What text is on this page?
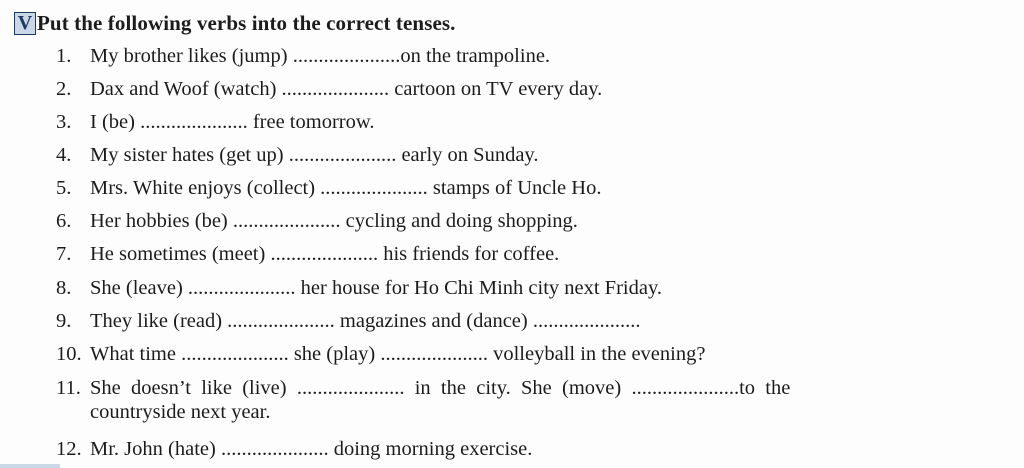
V Put the following verbs into the correct tenses.
1. My brother likes (jump) .....................on the trampoline.
2. Dax and Woof (watch) ..................... cartoon on TV every day.
3. I (be) ..................... free tomorrow.
4. My sister hates (get up) ..................... early on Sunday.
5. Mrs. White enjoys (collect) ..................... stamps of Uncle Ho.
6. Her hobbies (be) ..................... cycling and doing shopping.
7. He sometimes (meet) ..................... his friends for coffee.
8. She (leave) ..................... her house for Ho Chi Minh city next Friday.
9. They like (read) ..................... magazines and (dance) .....................
10. What time ..................... she (play) ..................... volleyball in the evening?
11. She  doesn’t  like  (live)  .....................  in  the  city.  She  (move)  .....................to  the
countryside next year.
12. Mr. John (hate) ..................... doing morning exercise.
